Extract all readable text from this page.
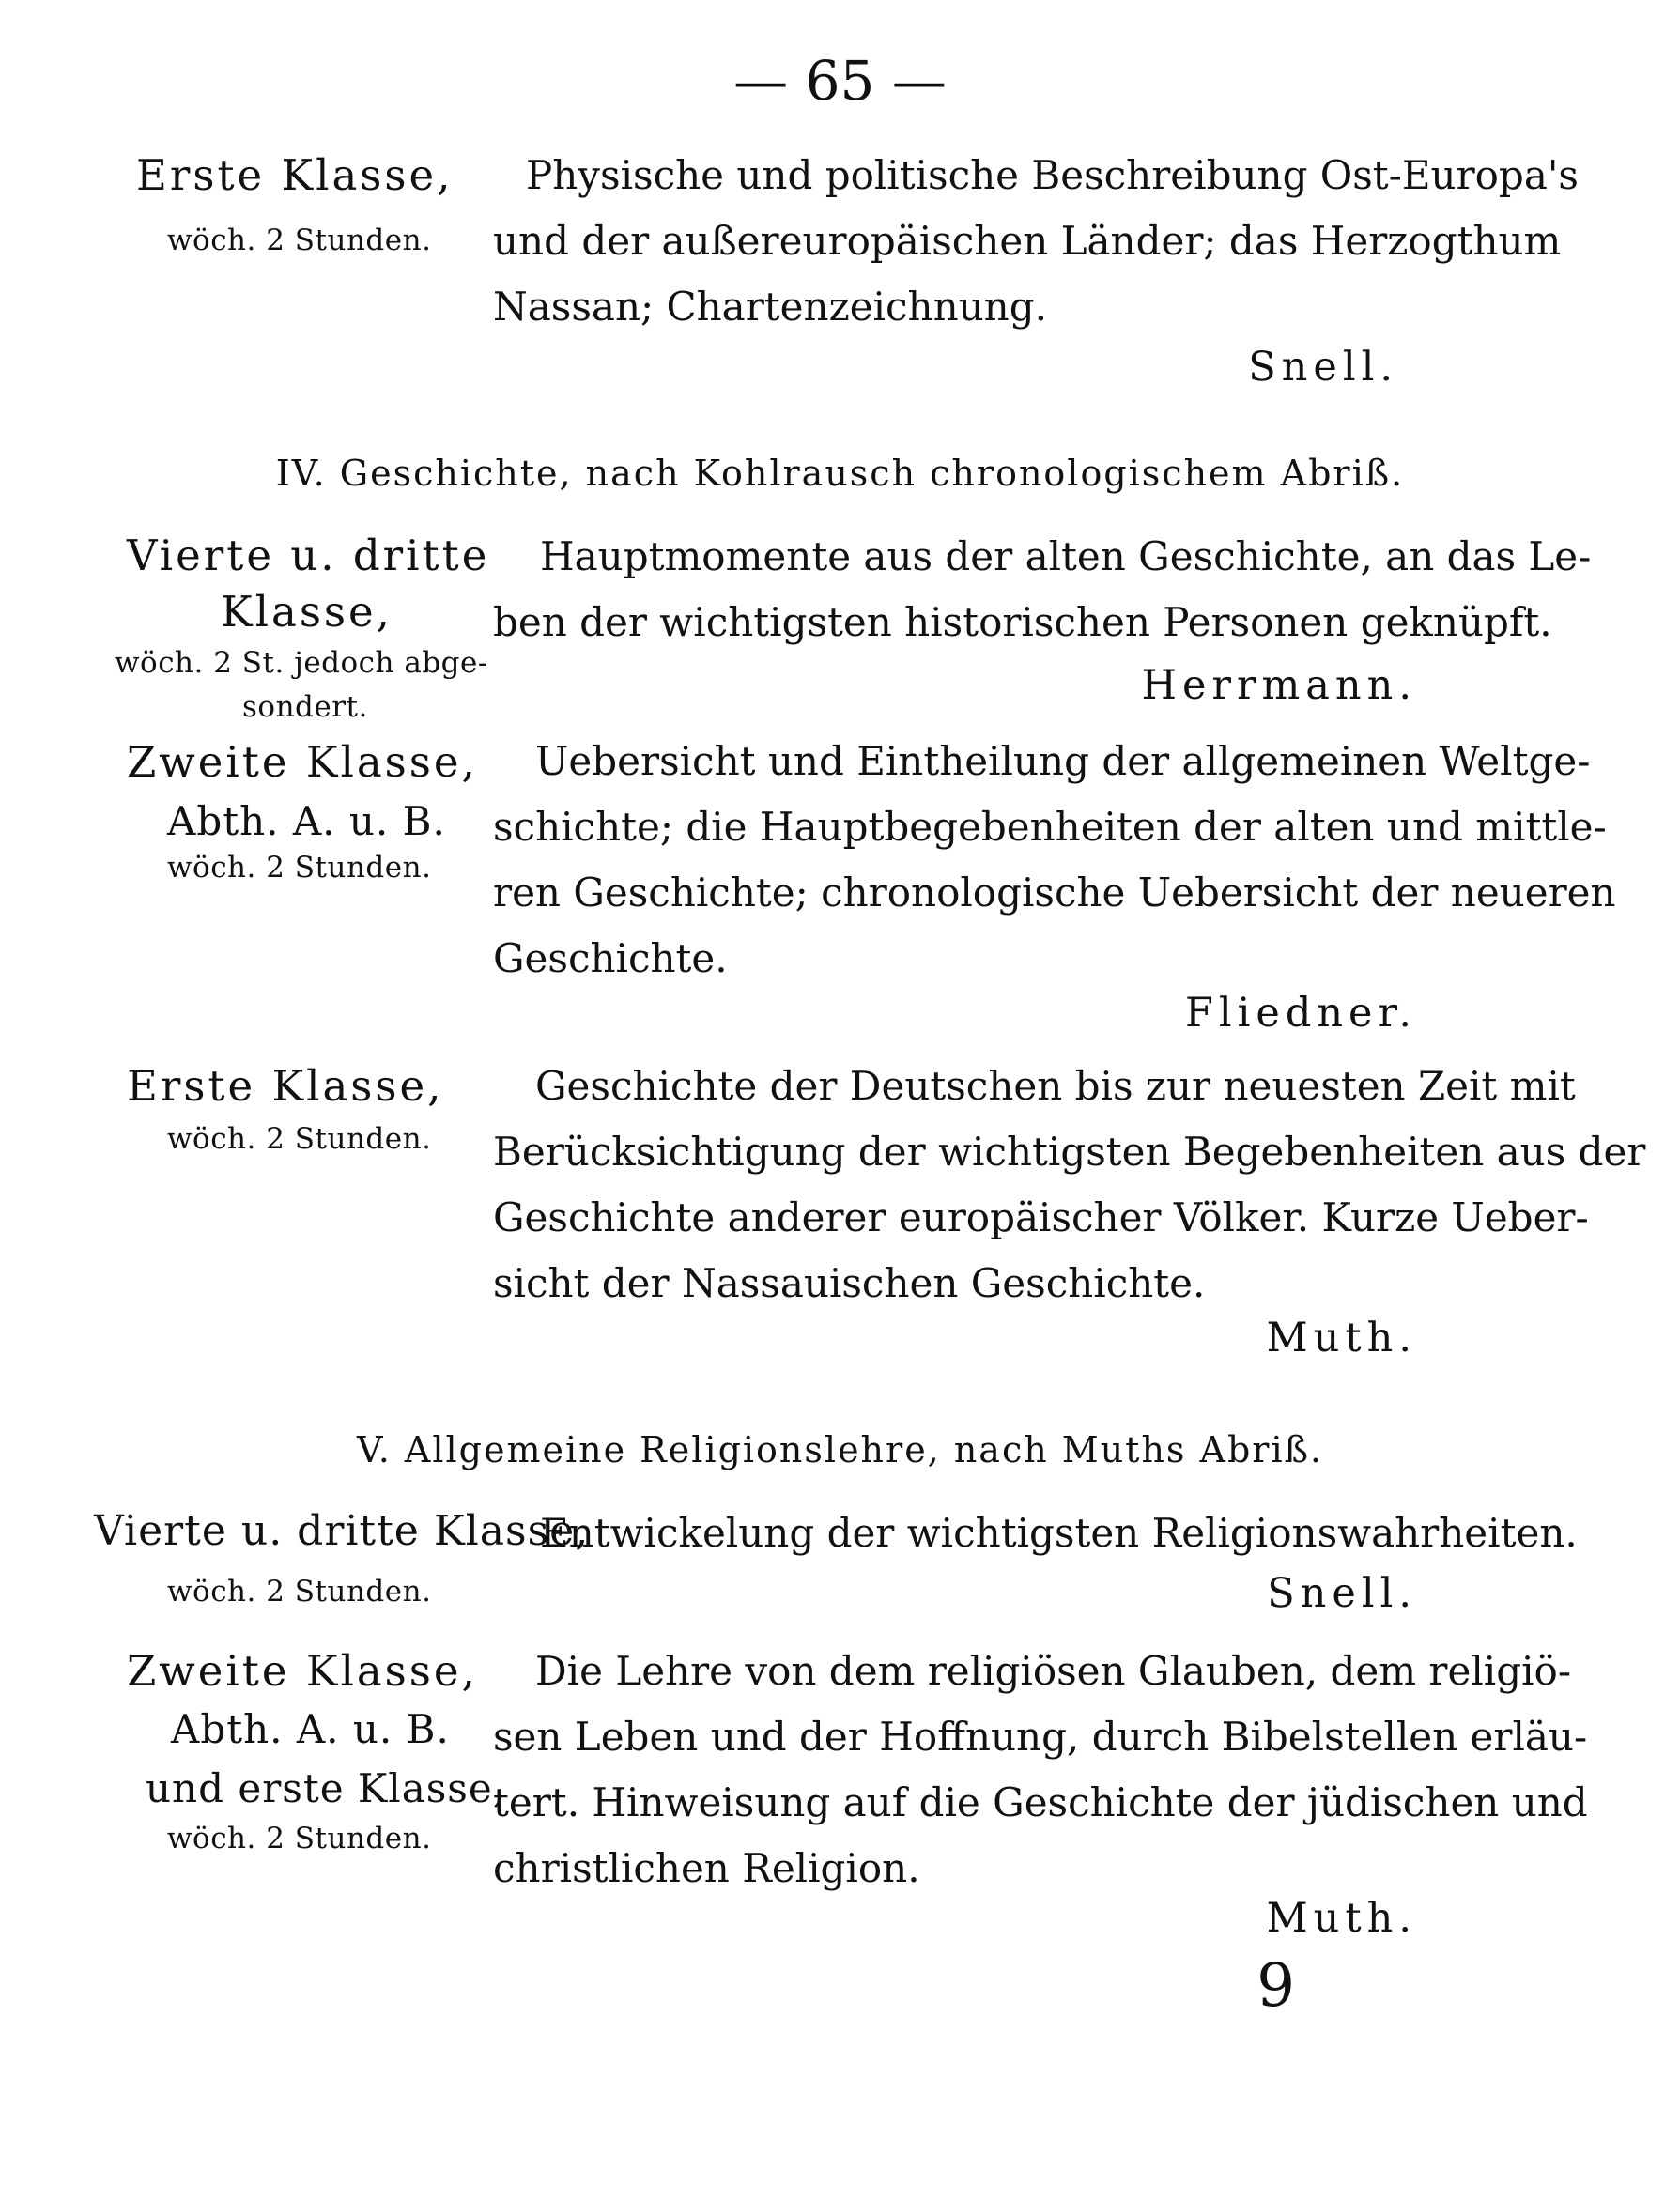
— 65 —
Erste Klasse,
wöch. 2 Stunden.
Physische und politische Beschreibung Ost-Europa's
und der außereuropäischen Länder; das Herzogthum
Nassan; Chartenzeichnung.
Snell.
IV. Geschichte, nach Kohlrausch chronologischem Abriß.
Vierte u. dritte
Klasse,
wöch. 2 St. jedoch abge-
sondert.
Hauptmomente aus der alten Geschichte, an das Le-
ben der wichtigsten historischen Personen geknüpft.
Herrmann.
Zweite Klasse,
Abth. A. u. B.
wöch. 2 Stunden.
Uebersicht und Eintheilung der allgemeinen Weltge-
schichte; die Hauptbegebenheiten der alten und mittle-
ren Geschichte; chronologische Uebersicht der neueren
Geschichte.
Fliedner.
Erste Klasse,
wöch. 2 Stunden.
Geschichte der Deutschen bis zur neuesten Zeit mit
Berücksichtigung der wichtigsten Begebenheiten aus der
Geschichte anderer europäischer Völker. Kurze Ueber-
sicht der Nassauischen Geschichte.
Muth.
V. Allgemeine Religionslehre, nach Muths Abriß.
Vierte u. dritte Klasse,
wöch. 2 Stunden.
Entwickelung der wichtigsten Religionswahrheiten.
Snell.
Zweite Klasse,
Abth. A. u. B.
und erste Klasse,
wöch. 2 Stunden.
Die Lehre von dem religiösen Glauben, dem religiö-
sen Leben und der Hoffnung, durch Bibelstellen erläu-
tert. Hinweisung auf die Geschichte der jüdischen und
christlichen Religion.
Muth.
9
